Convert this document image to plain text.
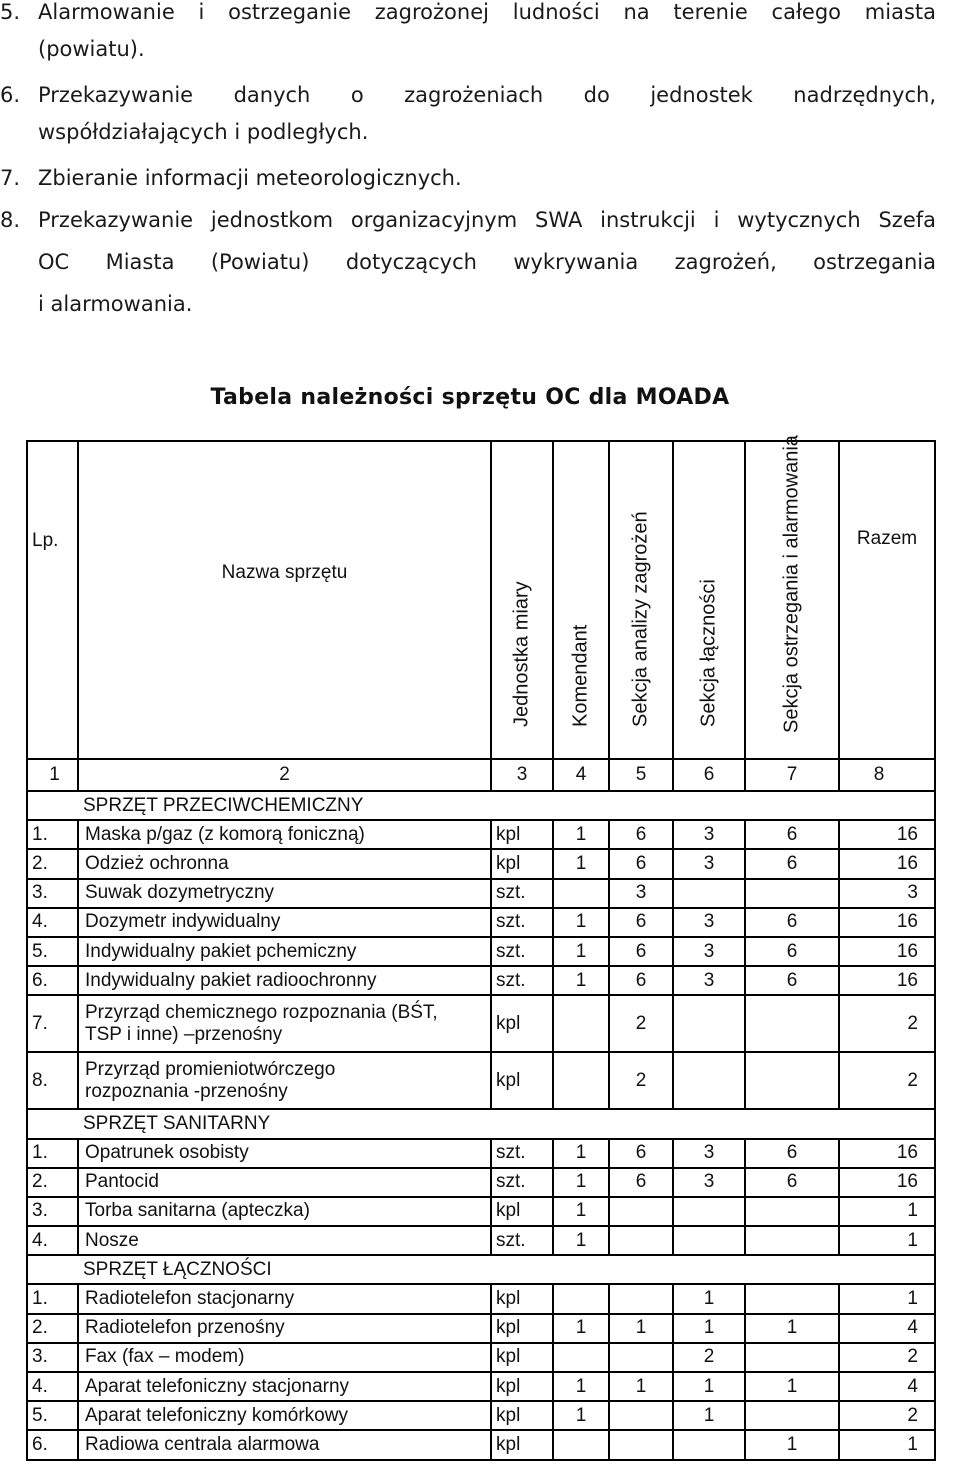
5. Alarmowanie i ostrzeganie zagrożonej ludności na terenie całego miasta
(powiatu).
6. Przekazywanie danych o zagrożeniach do jednostek nadrzędnych,
współdziałających i podległych.
7. Zbieranie informacji meteorologicznych.
8. Przekazywanie jednostkom organizacyjnym SWA instrukcji i wytycznych Szefa
OC Miasta (Powiatu) dotyczących wykrywania zagrożeń, ostrzegania
i alarmowania.
Tabela należności sprzętu OC dla MOADA
Lp.	Nazwa sprzętu	Jednostka miary	Komendant	Sekcja analizy zagrożeń	Sekcja łączności	Sekcja ostrzegania i alarmowania	Razem
1	2	3	4	5	6	7	8
SPRZĘT PRZECIWCHEMICZNY							
1.	Maska p/gaz (z komorą foniczną)	kpl	1	6	3	6	16
2.	Odzież ochronna	kpl	1	6	3	6	16
3.	Suwak dozymetryczny	szt.		3			3
4.	Dozymetr indywidualny	szt.	1	6	3	6	16
5.	Indywidualny pakiet pchemiczny	szt.	1	6	3	6	16
6.	Indywidualny pakiet radioochronny	szt.	1	6	3	6	16
7.	Przyrząd chemicznego rozpoznania (BŚT,
TSP i inne) –przenośny	kpl		2			2
8.	Przyrząd promieniotwórczego
rozpoznania -przenośny	kpl		2			2
SPRZĘT SANITARNY							
1.	Opatrunek osobisty	szt.	1	6	3	6	16
2.	Pantocid	szt.	1	6	3	6	16
3.	Torba sanitarna (apteczka)	kpl	1				1
4.	Nosze	szt.	1				1
SPRZĘT ŁĄCZNOŚCI							
1.	Radiotelefon stacjonarny	kpl			1		1
2.	Radiotelefon przenośny	kpl	1	1	1	1	4
3.	Fax (fax – modem)	kpl			2		2
4.	Aparat telefoniczny stacjonarny	kpl	1	1	1	1	4
5.	Aparat telefoniczny komórkowy	kpl	1		1		2
6.	Radiowa centrala alarmowa	kpl				1	1
